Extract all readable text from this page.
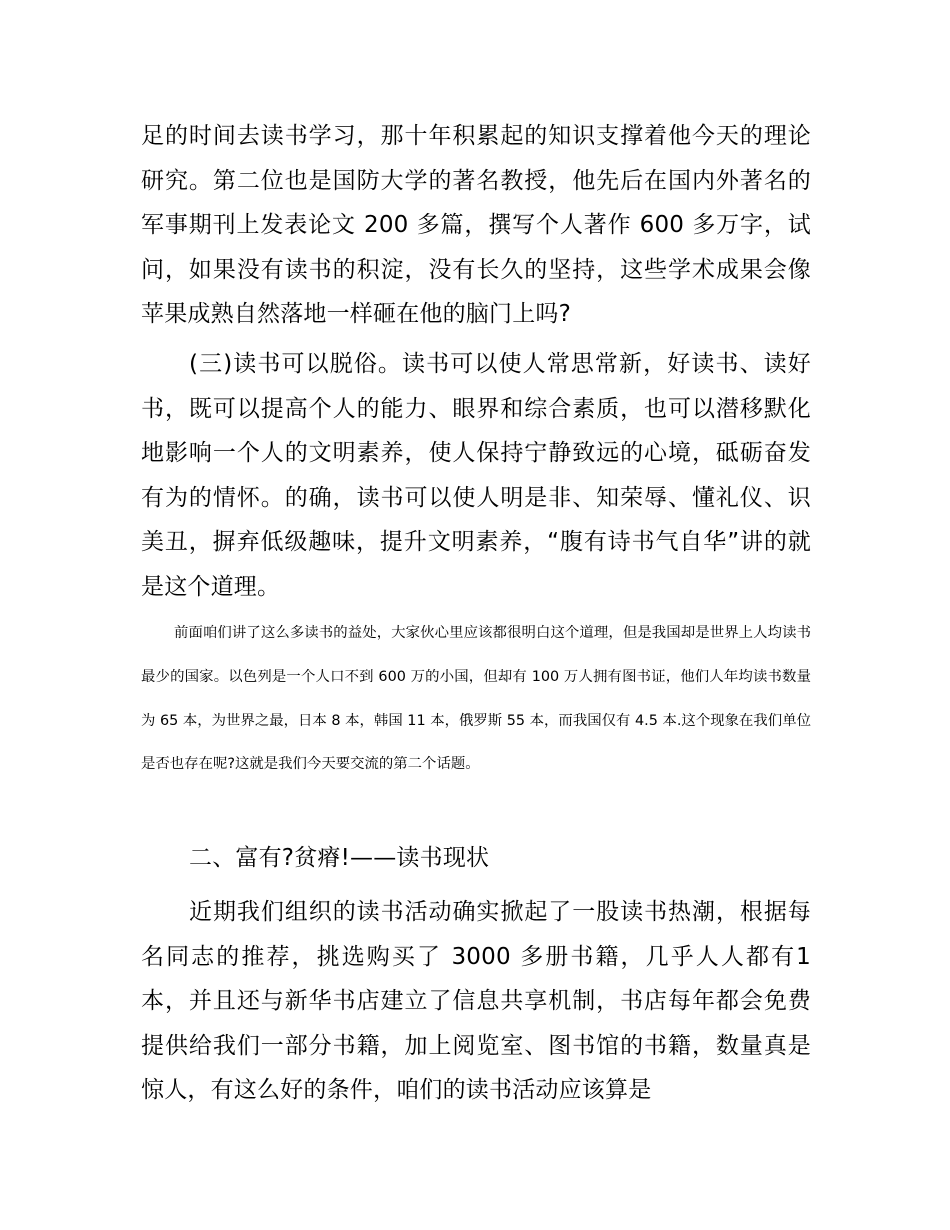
足的时间去读书学习，那十年积累起的知识支撑着他今天的理论研究。第二位也是国防大学的著名教授，他先后在国内外著名的军事期刊上发表论文 200 多篇，撰写个人著作 600 多万字，试问，如果没有读书的积淀，没有长久的坚持，这些学术成果会像苹果成熟自然落地一样砸在他的脑门上吗?

(三)读书可以脱俗。读书可以使人常思常新，好读书、读好书，既可以提高个人的能力、眼界和综合素质，也可以潜移默化地影响一个人的文明素养，使人保持宁静致远的心境，砥砺奋发有为的情怀。的确，读书可以使人明是非、知荣辱、懂礼仪、识美丑，摒弃低级趣味，提升文明素养，“腹有诗书气自华”讲的就是这个道理。

前面咱们讲了这么多读书的益处，大家伙心里应该都很明白这个道理，但是我国却是世界上人均读书最少的国家。以色列是一个人口不到 600 万的小国，但却有 100 万人拥有图书证，他们人年均读书数量为 65 本，为世界之最，日本 8 本，韩国 11 本，俄罗斯 55 本，而我国仅有 4.5 本.这个现象在我们单位是否也存在呢?这就是我们今天要交流的第二个话题。

二、富有?贫瘠!——读书现状

近期我们组织的读书活动确实掀起了一股读书热潮，根据每名同志的推荐，挑选购买了 3000 多册书籍，几乎人人都有1 本，并且还与新华书店建立了信息共享机制，书店每年都会免费提供给我们一部分书籍，加上阅览室、图书馆的书籍，数量真是惊人，有这么好的条件，咱们的读书活动应该算是
